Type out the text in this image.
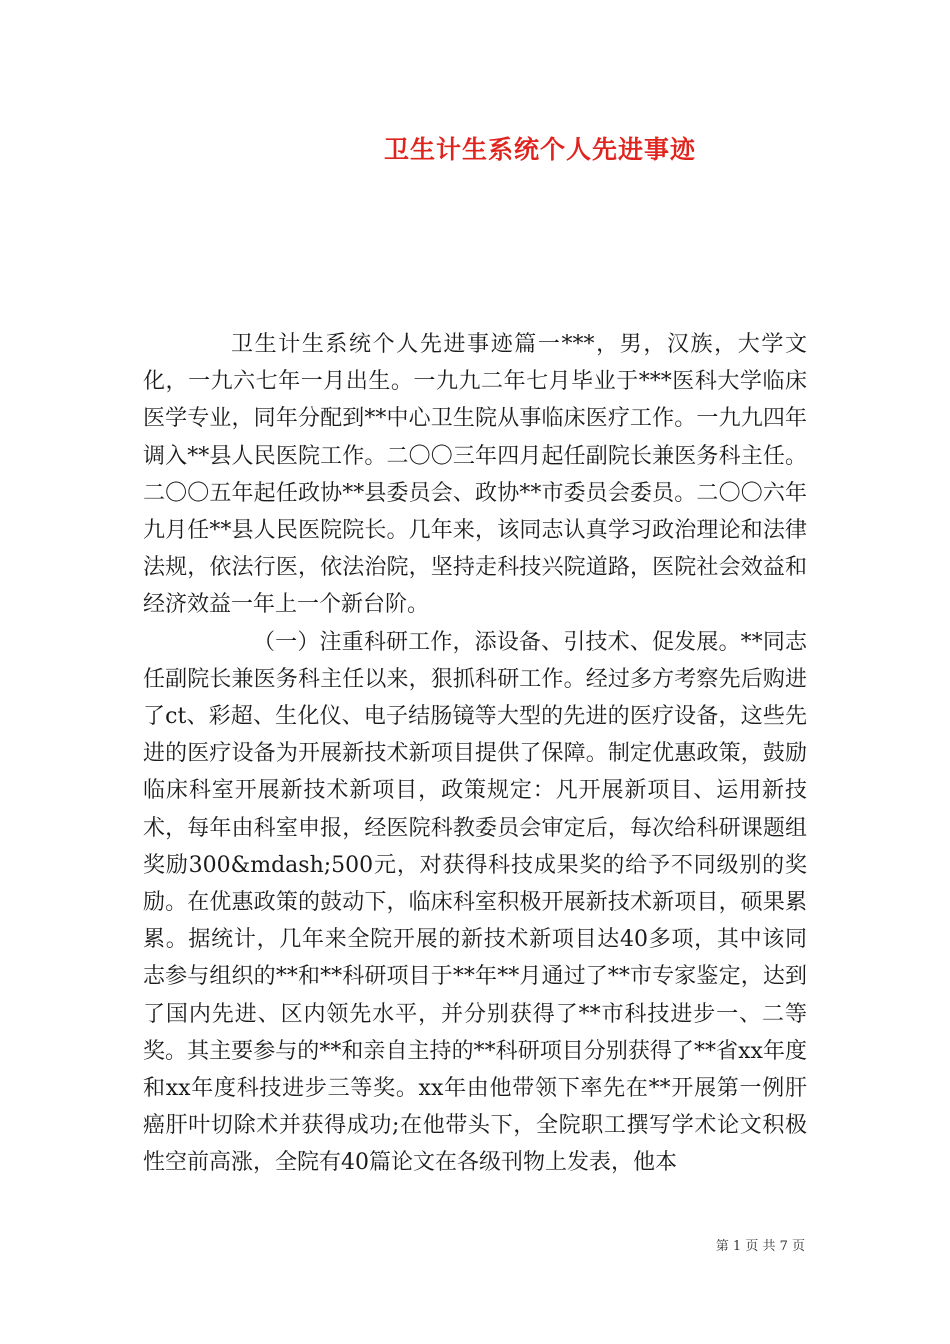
卫生计生系统个人先进事迹

卫生计生系统个人先进事迹篇一***，男，汉族，大学文化，一九六七年一月出生。一九九二年七月毕业于***医科大学临床医学专业，同年分配到**中心卫生院从事临床医疗工作。一九九四年调入**县人民医院工作。二〇〇三年四月起任副院长兼医务科主任。二〇〇五年起任政协**县委员会、政协**市委员会委员。二〇〇六年九月任**县人民医院院长。几年来，该同志认真学习政治理论和法律法规，依法行医，依法治院，坚持走科技兴院道路，医院社会效益和经济效益一年上一个新台阶。

（一）注重科研工作，添设备、引技术、促发展。**同志任副院长兼医务科主任以来，狠抓科研工作。经过多方考察先后购进了ct、彩超、生化仪、电子结肠镜等大型的先进的医疗设备，这些先进的医疗设备为开展新技术新项目提供了保障。制定优惠政策，鼓励临床科室开展新技术新项目，政策规定：凡开展新项目、运用新技术，每年由科室申报，经医院科教委员会审定后，每次给科研课题组奖励300&mdash;500元，对获得科技成果奖的给予不同级别的奖励。在优惠政策的鼓动下，临床科室积极开展新技术新项目，硕果累累。据统计，几年来全院开展的新技术新项目达40多项，其中该同志参与组织的**和**科研项目于**年**月通过了**市专家鉴定，达到了国内先进、区内领先水平，并分别获得了**市科技进步一、二等奖。其主要参与的**和亲自主持的**科研项目分别获得了**省xx年度和xx年度科技进步三等奖。xx年由他带领下率先在**开展第一例肝癌肝叶切除术并获得成功;在他带头下，全院职工撰写学术论文积极性空前高涨，全院有40篇论文在各级刊物上发表，他本

第 1 页 共 7 页
